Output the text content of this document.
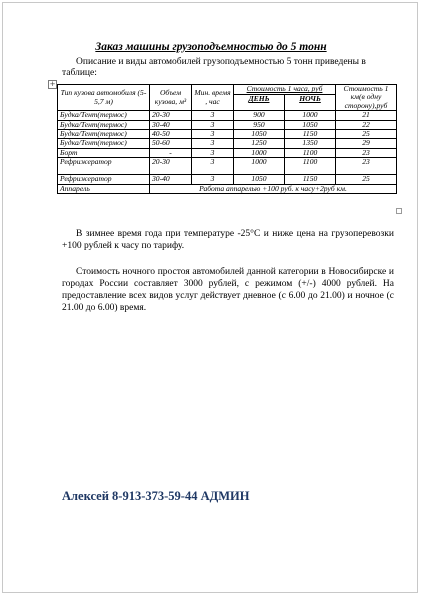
Заказ машины грузоподъемностью до 5 тонн
Описание и виды автомобилей грузоподъемностью 5 тонн приведены в таблице:
+
Тип кузова автомобиля (5-5,7 м)	Объем кузова, м³	Мин. время , час	Стоимость 1 часа, руб		Стоимость 1 км(в одну сторону),руб
			ДЕНЬ	НОЧЬ	
Будка/Тент(термос)	20-30	3	900	1000	21
Будка/Тент(термос)	30-40	3	950	1050	22
Будка/Тент(термос)	40-50	3	1050	1150	25
Будка/Тент(термос)	50-60	3	1250	1350	29
Борт	-	3	1000	1100	23
Рефрижератор	20-30	3	1000	1100	23
Рефрижератор	30-40	3	1050	1150	25
Аппарель	Работа аппарелью +100 руб. к часу+2руб км.				
В зимнее время года при температуре -25°С и ниже цена на грузоперевозки +100 рублей к часу по тарифу.
Стоимость ночного простоя автомобилей данной категории в Новосибирске и городах России составляет 3000 рублей, с режимом (+/-) 4000 рублей. На предоставление всех видов услуг действует дневное (с 6.00 до 21.00) и ночное (с 21.00 до 6.00) время.
Алексей 8-913-373-59-44 АДМИН
